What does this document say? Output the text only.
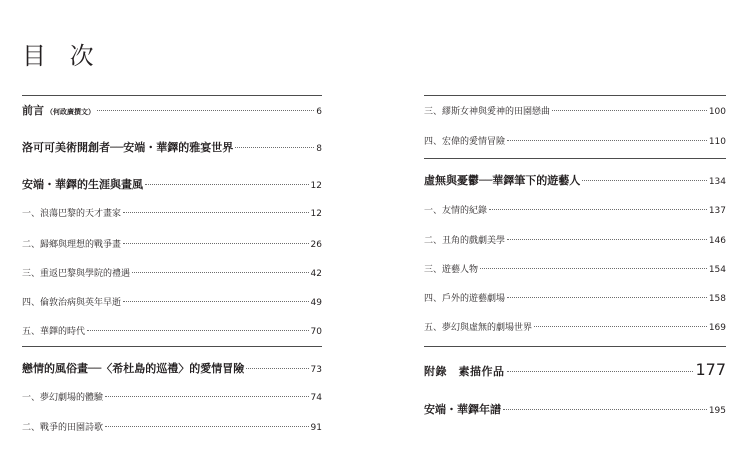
目 次
前言 （何政廣撰文）	6
洛可可美術開創者──安端・華鐸的雅宴世界	8
安端・華鐸的生涯與畫風	12
一、浪蕩巴黎的天才畫家	12
二、歸鄉與理想的戰爭畫	26
三、重返巴黎與學院的禮遇	42
四、倫敦治病與英年早逝	49
五、華鐸的時代	70
戀情的風俗畫──〈希杜島的巡禮〉的愛情冒險	73
一、夢幻劇場的體驗	74
二、戰爭的田園詩歌	91
三、繆斯女神與愛神的田園戀曲	100
四、宏偉的愛情冒險	110
虛無與憂鬱──華鐸筆下的遊藝人	134
一、友情的紀錄	137
二、丑角的戲劇美學	146
三、遊藝人物	154
四、戶外的遊藝劇場	158
五、夢幻與虛無的劇場世界	169
附錄　素描作品	177
安端・華鐸年譜	195
